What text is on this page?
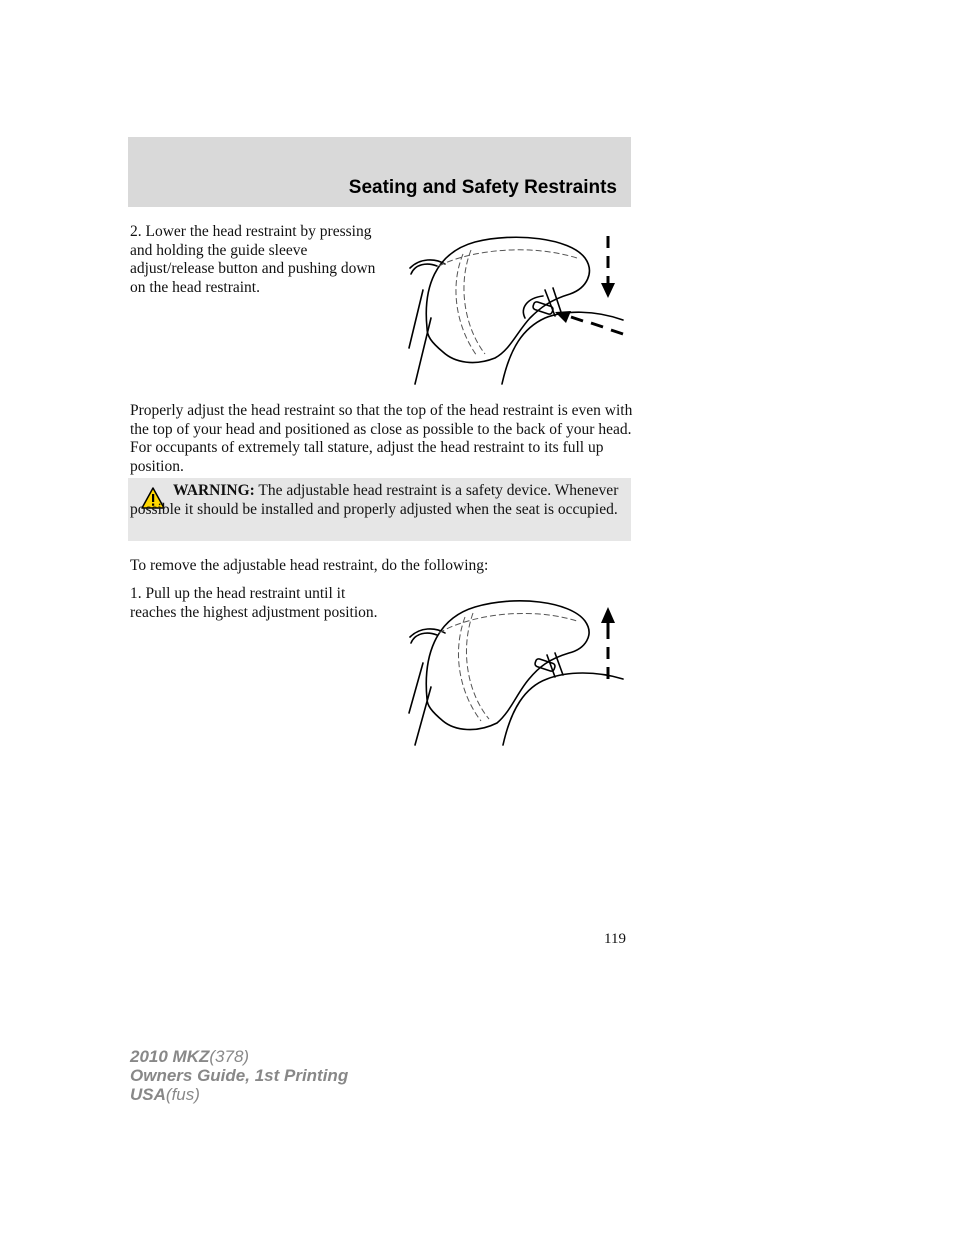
Seating and Safety Restraints

2. Lower the head restraint by pressing and holding the guide sleeve adjust/release button and pushing down on the head restraint.

Properly adjust the head restraint so that the top of the head restraint is even with the top of your head and positioned as close as possible to the back of your head. For occupants of extremely tall stature, adjust the head restraint to its full up position.

WARNING: The adjustable head restraint is a safety device. Whenever possible it should be installed and properly adjusted when the seat is occupied.

To remove the adjustable head restraint, do the following:

1. Pull up the head restraint until it reaches the highest adjustment position.

119
2010 MKZ(378)
Owners Guide, 1st Printing
USA(fus)
